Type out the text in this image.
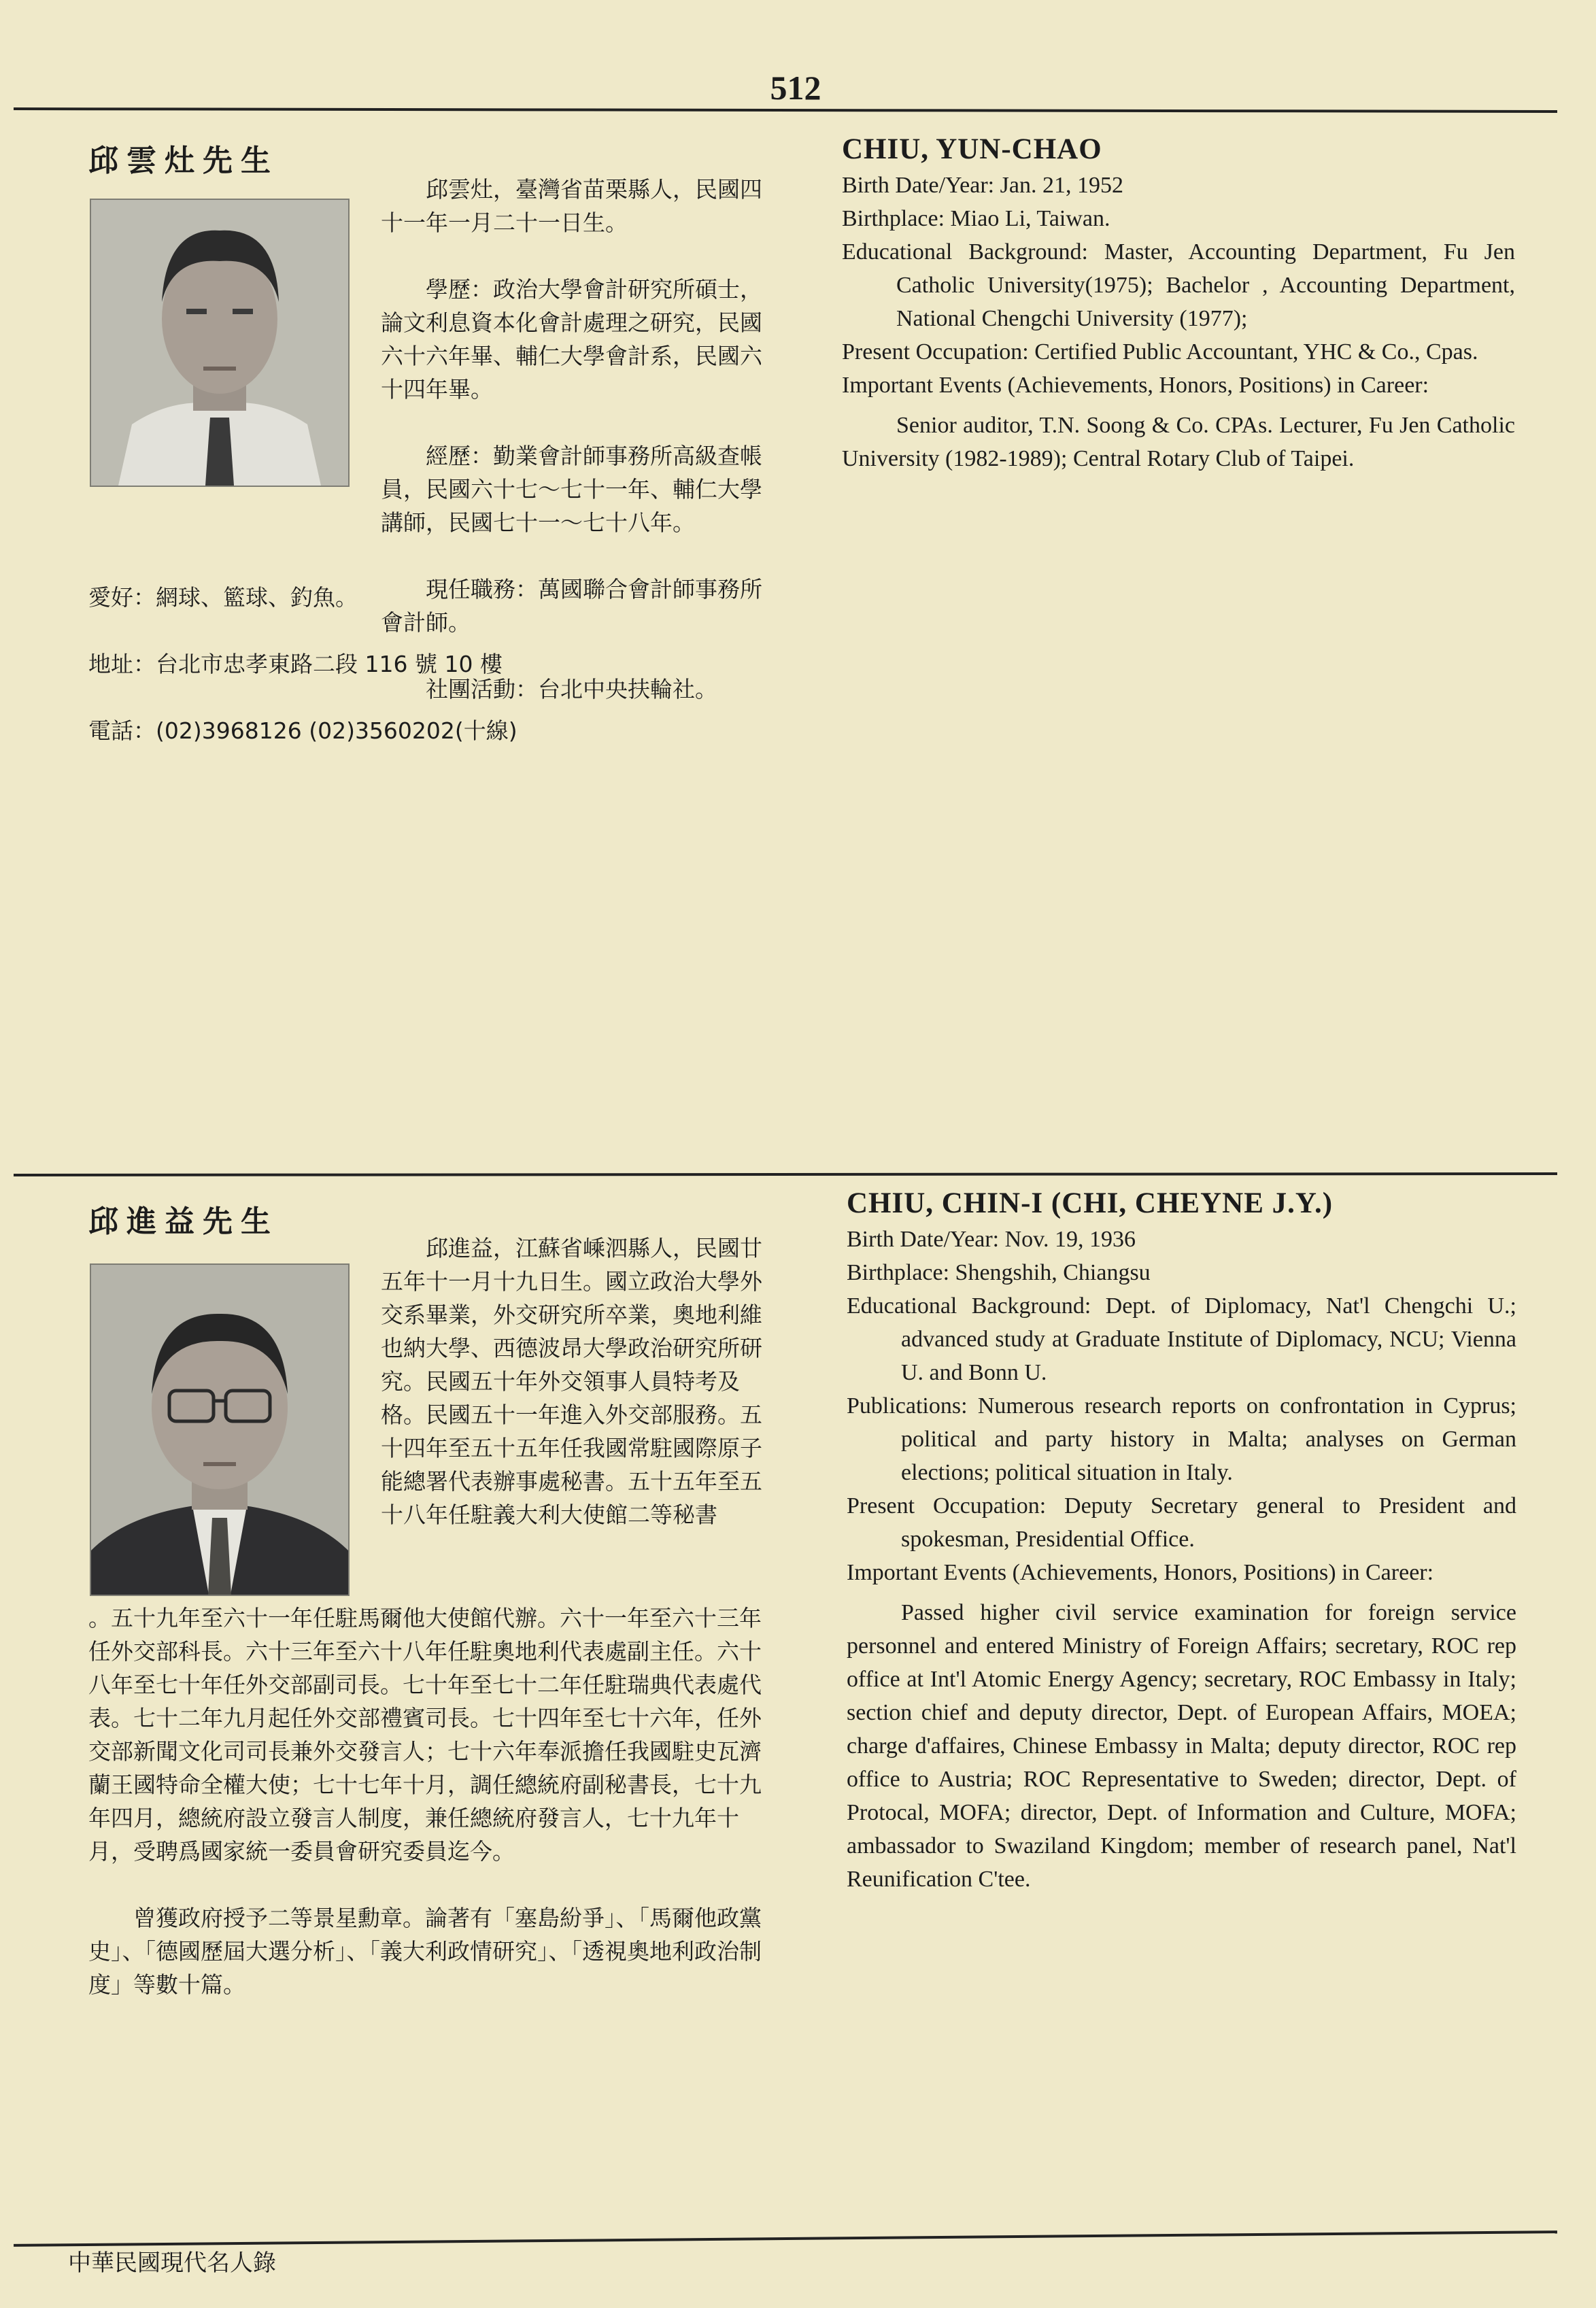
512
邱雲灶先生

邱雲灶，臺灣省苗栗縣人，民國四十一年一月二十一日生。

學歷：政治大學會計研究所碩士，論文利息資本化會計處理之研究，民國六十六年畢、輔仁大學會計系，民國六十四年畢。

經歷：勤業會計師事務所高級查帳員，民國六十七～七十一年、輔仁大學講師，民國七十一～七十八年。

現任職務：萬國聯合會計師事務所會計師。

社團活動：台北中央扶輪社。

愛好：網球、籃球、釣魚。

地址：台北市忠孝東路二段 116 號 10 樓

電話：(02)3968126 (02)3560202(十線)

CHIU, YUN-CHAO

Birth Date/Year: Jan. 21, 1952

Birthplace: Miao Li, Taiwan.

Educational Background: Master, Accounting Department, Fu Jen Catholic University(1975); Bachelor , Accounting Department, National Chengchi University (1977);

Present Occupation: Certified Public Accountant, YHC & Co., Cpas.

Important Events (Achievements, Honors, Positions) in Career:

Senior auditor, T.N. Soong & Co. CPAs. Lecturer, Fu Jen Catholic University (1982-1989); Central Rotary Club of Taipei.

邱進益先生

邱進益，江蘇省嵊泗縣人，民國廿五年十一月十九日生。國立政治大學外交系畢業，外交研究所卒業，奧地利維也納大學、西德波昂大學政治研究所研究。民國五十年外交領事人員特考及格。民國五十一年進入外交部服務。五十四年至五十五年任我國常駐國際原子能總署代表辦事處秘書。五十五年至五十八年任駐義大利大使館二等秘書

。五十九年至六十一年任駐馬爾他大使館代辦。六十一年至六十三年任外交部科長。六十三年至六十八年任駐奧地利代表處副主任。六十八年至七十年任外交部副司長。七十年至七十二年任駐瑞典代表處代表。七十二年九月起任外交部禮賓司長。七十四年至七十六年，任外交部新聞文化司司長兼外交發言人；七十六年奉派擔任我國駐史瓦濟蘭王國特命全權大使；七十七年十月，調任總統府副秘書長，七十九年四月，總統府設立發言人制度，兼任總統府發言人，七十九年十月，受聘爲國家統一委員會研究委員迄今。

曾獲政府授予二等景星勳章。論著有「塞島紛爭」、「馬爾他政黨史」、「德國歷屆大選分析」、「義大利政情研究」、「透視奧地利政治制度」等數十篇。

CHIU, CHIN-I (CHI, CHEYNE J.Y.)

Birth Date/Year: Nov. 19, 1936

Birthplace: Shengshih, Chiangsu

Educational Background: Dept. of Diplomacy, Nat'l Chengchi U.; advanced study at Graduate Institute of Diplomacy, NCU; Vienna U. and Bonn U.

Publications: Numerous research reports on confrontation in Cyprus; political and party history in Malta; analyses on German elections; political situation in Italy.

Present Occupation: Deputy Secretary general to President and spokesman, Presidential Office.

Important Events (Achievements, Honors, Positions) in Career:

Passed higher civil service examination for foreign service personnel and entered Ministry of Foreign Affairs; secretary, ROC rep office at Int'l Atomic Energy Agency; secretary, ROC Embassy in Italy; section chief and deputy director, Dept. of European Affairs, MOEA; charge d'affaires, Chinese Embassy in Malta; deputy director, ROC rep office to Austria; ROC Representative to Sweden; director, Dept. of Protocal, MOFA; director, Dept. of Information and Culture, MOFA; ambassador to Swaziland Kingdom; member of research panel, Nat'l Reunification C'tee.

中華民國現代名人錄
